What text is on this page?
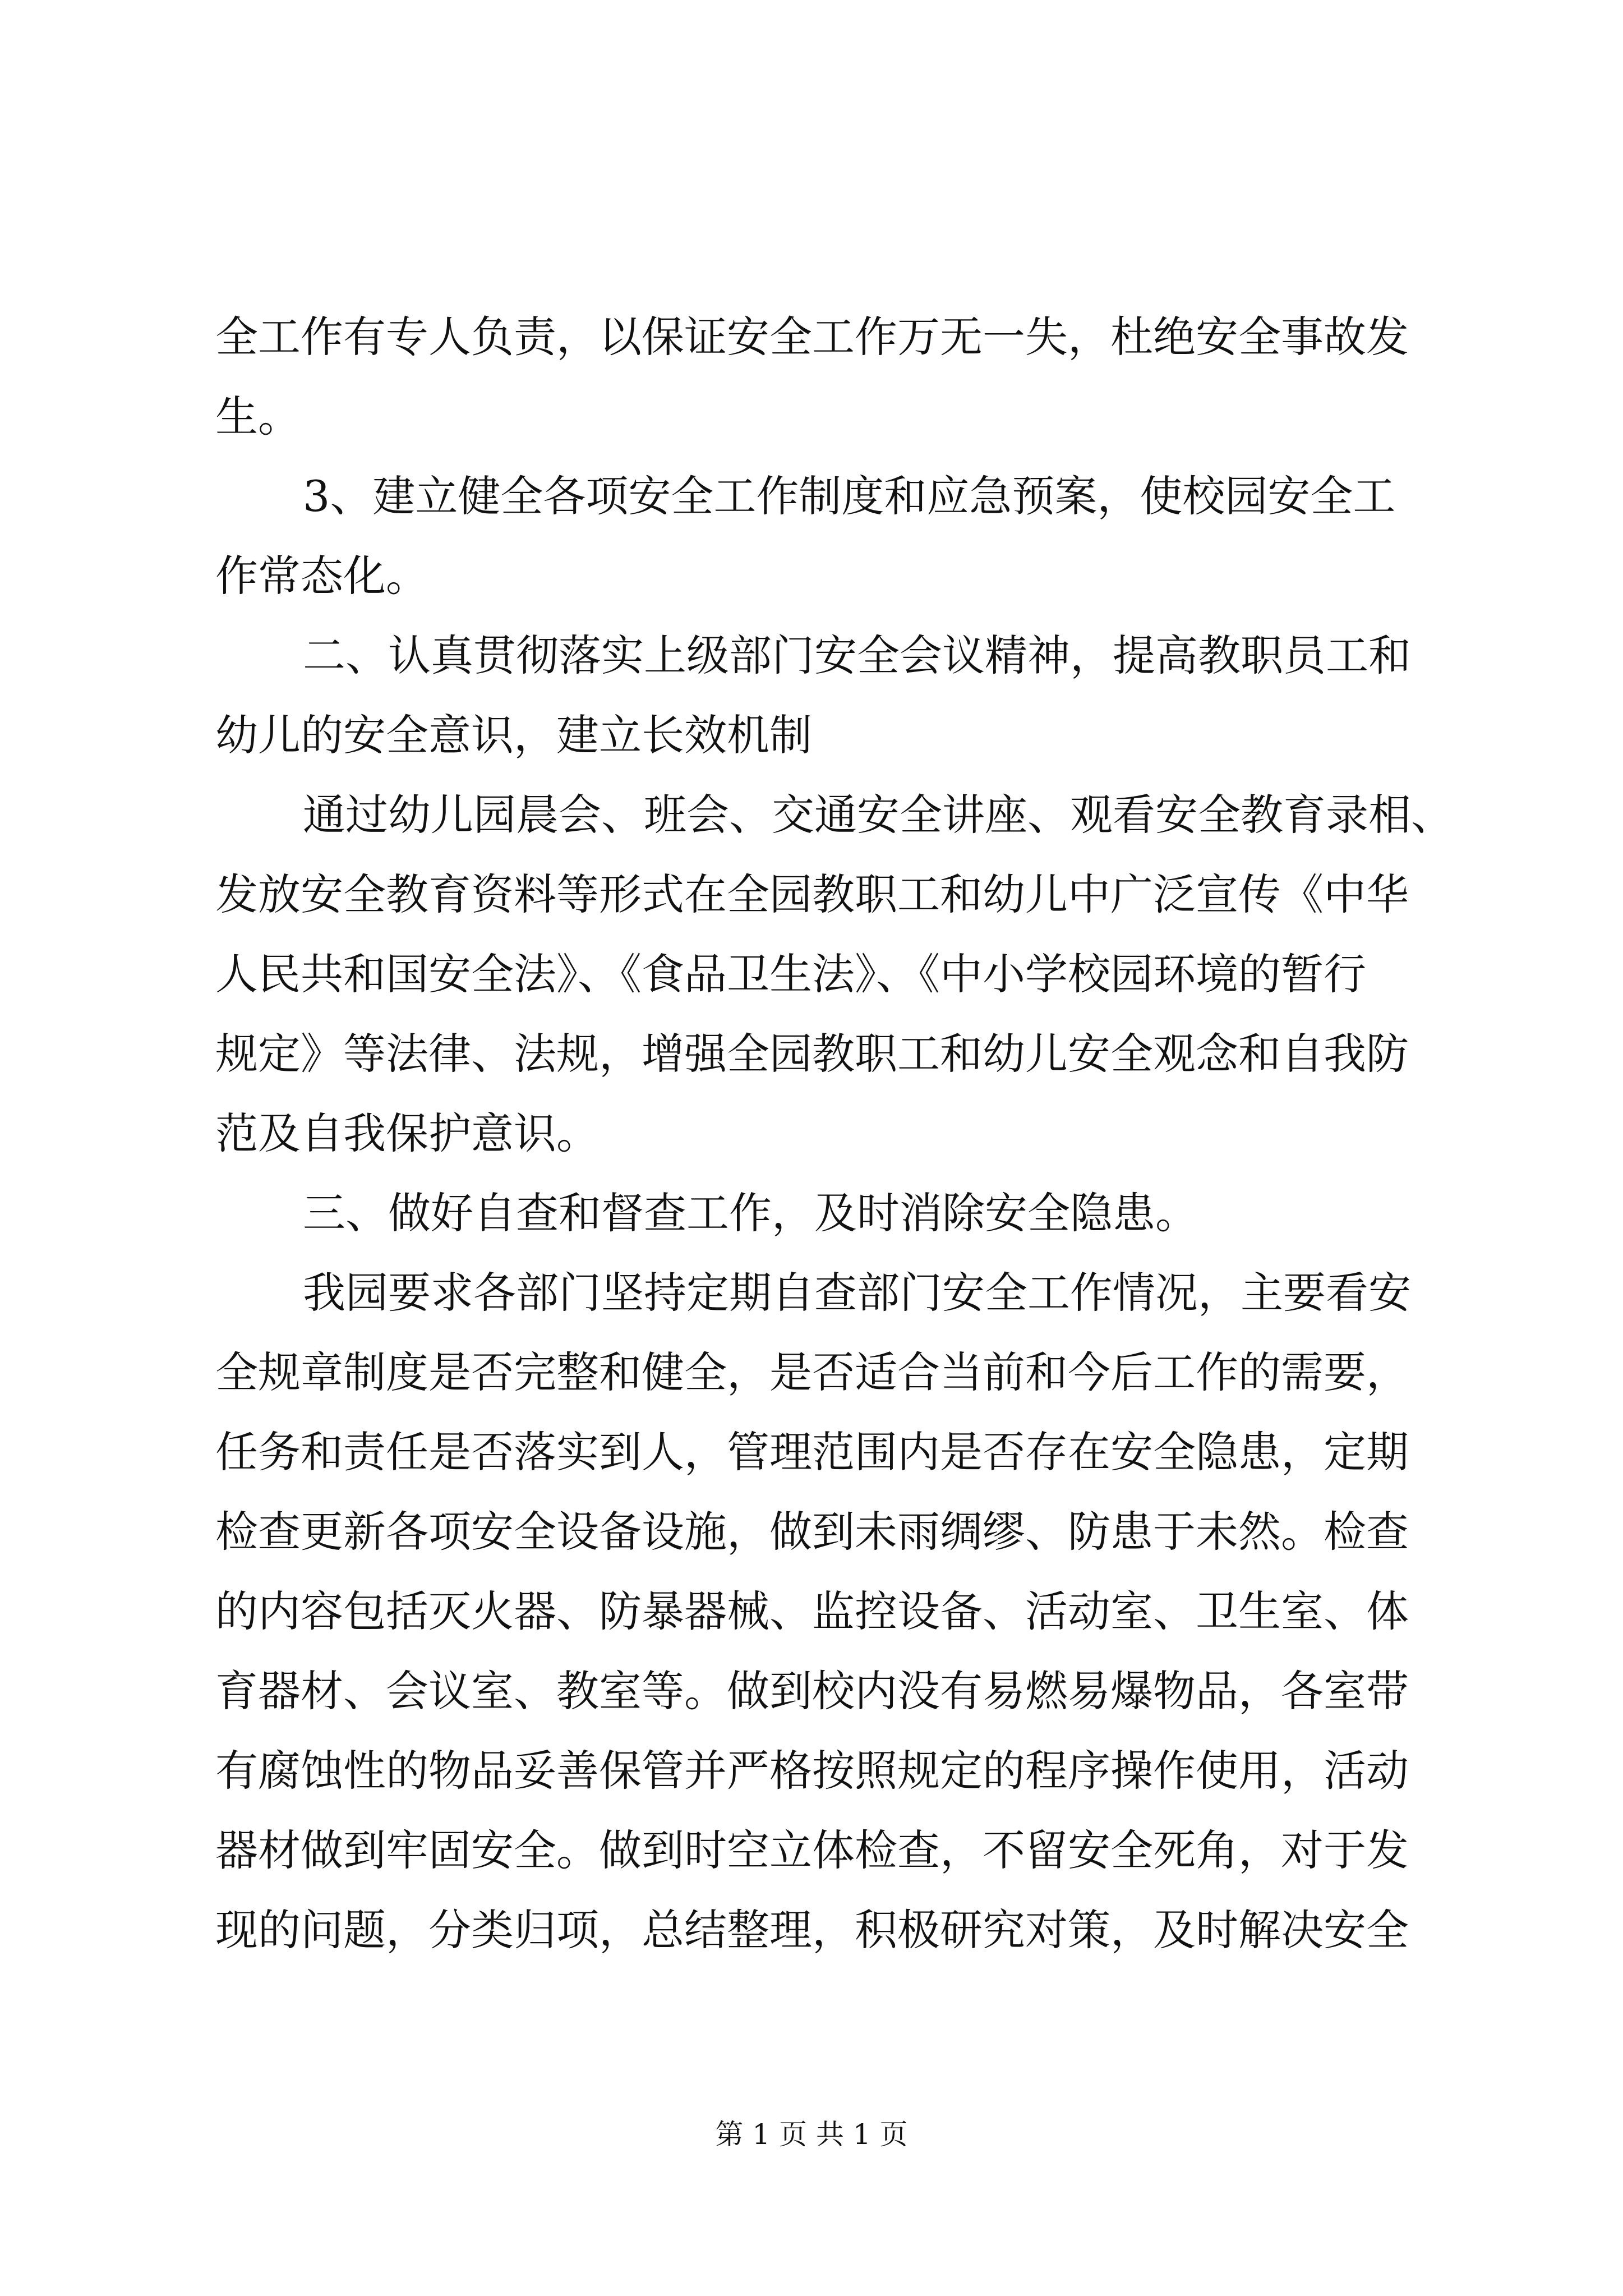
全工作有专人负责，以保证安全工作万无一失，杜绝安全事故发
生。
3、建立健全各项安全工作制度和应急预案，使校园安全工
作常态化。
二、认真贯彻落实上级部门安全会议精神，提高教职员工和
幼儿的安全意识，建立长效机制
通过幼儿园晨会、班会、交通安全讲座、观看安全教育录相、
发放安全教育资料等形式在全园教职工和幼儿中广泛宣传《中华
人民共和国安全法》、《食品卫生法》、《中小学校园环境的暂行
规定》等法律、法规，增强全园教职工和幼儿安全观念和自我防
范及自我保护意识。
三、做好自查和督查工作，及时消除安全隐患。
我园要求各部门坚持定期自查部门安全工作情况，主要看安
全规章制度是否完整和健全，是否适合当前和今后工作的需要，
任务和责任是否落实到人，管理范围内是否存在安全隐患，定期
检查更新各项安全设备设施，做到未雨绸缪、防患于未然。检查
的内容包括灭火器、防暴器械、监控设备、活动室、卫生室、体
育器材、会议室、教室等。做到校内没有易燃易爆物品，各室带
有腐蚀性的物品妥善保管并严格按照规定的程序操作使用，活动
器材做到牢固安全。做到时空立体检查，不留安全死角，对于发
现的问题，分类归项，总结整理，积极研究对策，及时解决安全
第 1 页 共 1 页
